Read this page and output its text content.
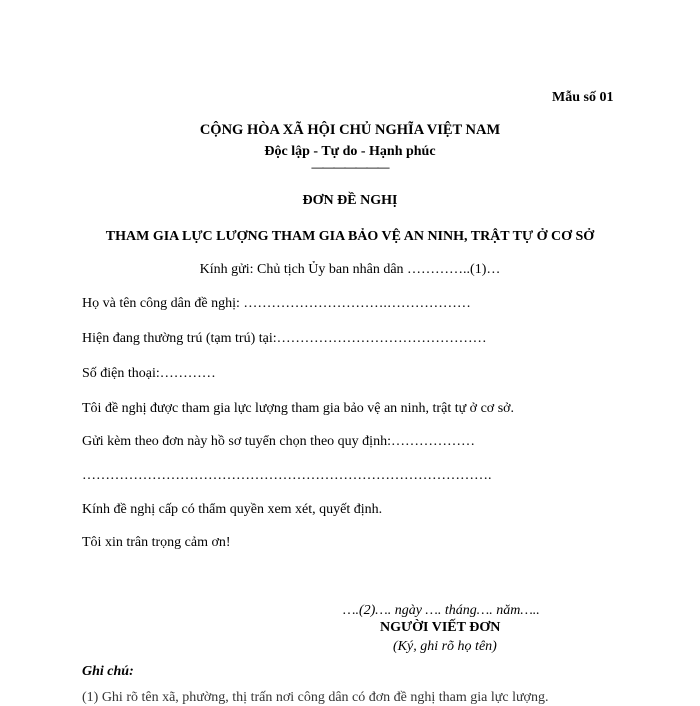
Mẫu số 01
CỘNG HÒA XÃ HỘI CHỦ NGHĨA VIỆT NAM
Độc lập - Tự do - Hạnh phúc
———————
ĐƠN ĐỀ NGHỊ
THAM GIA LỰC LƯỢNG THAM GIA BẢO VỆ AN NINH, TRẬT TỰ Ở CƠ SỞ
Kính gửi: Chủ tịch Ủy ban nhân dân …………..(1)…
Họ và tên công dân đề nghị: ………………………….………………
Hiện đang thường trú (tạm trú) tại:………………………………………
Số điện thoại:…………
Tôi đề nghị được tham gia lực lượng tham gia bảo vệ an ninh, trật tự ở cơ sở.
Gửi kèm theo đơn này hồ sơ tuyển chọn theo quy định:………………
…………………………………………………………………………….
Kính đề nghị cấp có thẩm quyền xem xét, quyết định.
Tôi xin trân trọng cảm ơn!
….(2)…. ngày …. tháng…. năm…..
NGƯỜI VIẾT ĐƠN
(Ký, ghi rõ họ tên)
Ghi chú:
(1) Ghi rõ tên xã, phường, thị trấn nơi công dân có đơn đề nghị tham gia lực lượng.
